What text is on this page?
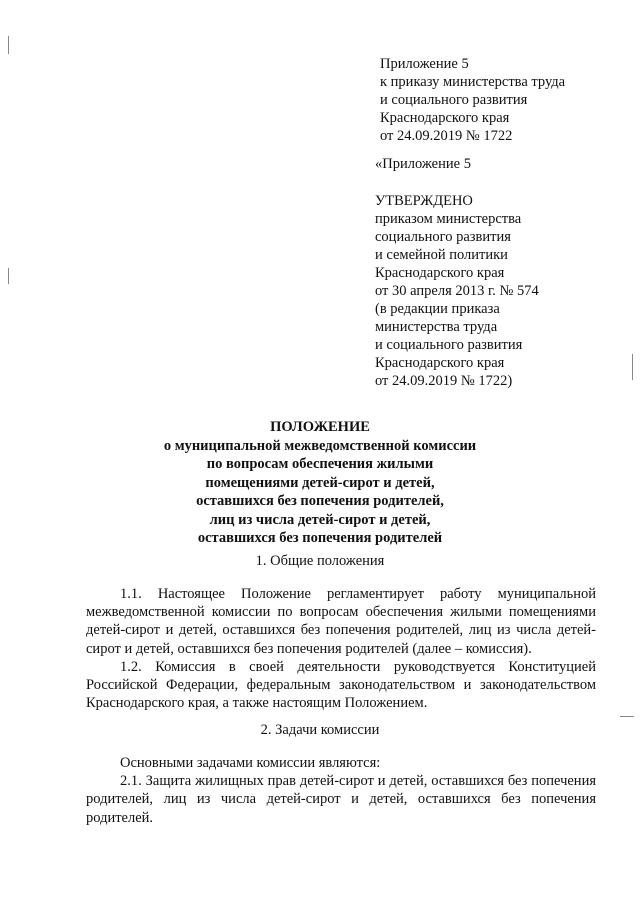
Приложение 5
к приказу министерства труда
и социального развития
Краснодарского края
от 24.09.2019 № 1722
«Приложение 5
УТВЕРЖДЕНО
приказом министерства
социального развития
и семейной политики
Краснодарского края
от 30 апреля 2013 г. № 574
(в редакции приказа
министерства труда
и социального развития
Краснодарского края
от 24.09.2019 № 1722)
ПОЛОЖЕНИЕ
о муниципальной межведомственной комиссии
по вопросам обеспечения жилыми
помещениями детей-сирот и детей,
оставшихся без попечения родителей,
лиц из числа детей-сирот и детей,
оставшихся без попечения родителей
1. Общие положения

1.1. Настоящее Положение регламентирует работу муниципальной межведомственной комиссии по вопросам обеспечения жилыми помещениями детей-сирот и детей, оставшихся без попечения родителей, лиц из числа детей-сирот и детей, оставшихся без попечения родителей (далее – комиссия).

1.2. Комиссия в своей деятельности руководствуется Конституцией Российской Федерации, федеральным законодательством и законодательством Краснодарского края, а также настоящим Положением.

2. Задачи комиссии

Основными задачами комиссии являются:

2.1. Защита жилищных прав детей-сирот и детей, оставшихся без попечения родителей, лиц из числа детей-сирот и детей, оставшихся без попечения родителей.
